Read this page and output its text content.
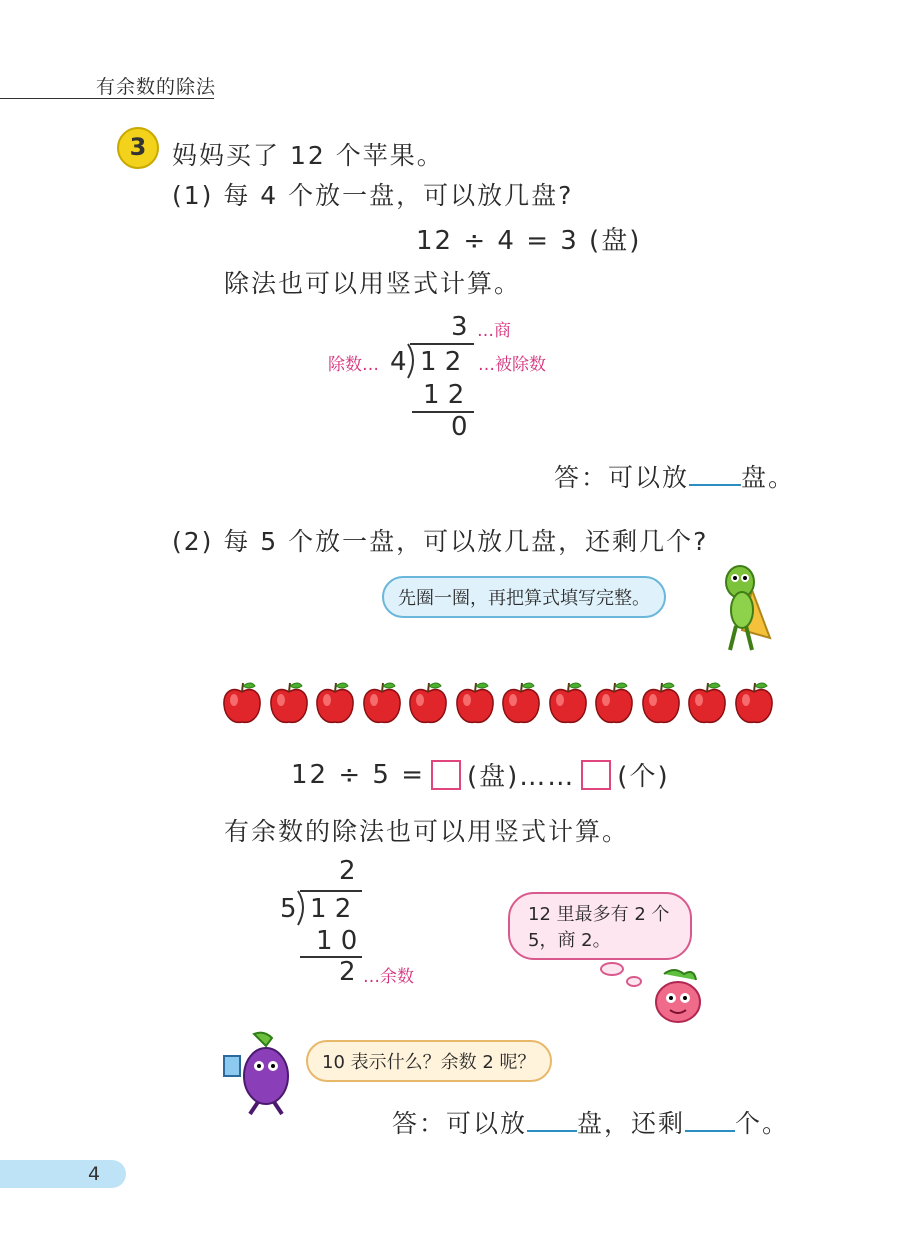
有余数的除法
3	妈妈买了 12 个苹果。
(1) 每 4 个放一盘，可以放几盘?
12 ÷ 4 = 3 (盘)
除法也可以用竖式计算。
3 …商
除数… 4 1 2 …被除数
1 2
0
答：可以放 盘。
(2) 每 5 个放一盘，可以放几盘，还剩几个?
先圈一圈，再把算式填写完整。
12 ÷ 5 = (盘)…… (个)
有余数的除法也可以用竖式计算。
2
5 1 2
1 0
2 …余数
12 里最多有 2 个 5，商 2。
10 表示什么？余数 2 呢？
答：可以放 盘，还剩 个。
4
